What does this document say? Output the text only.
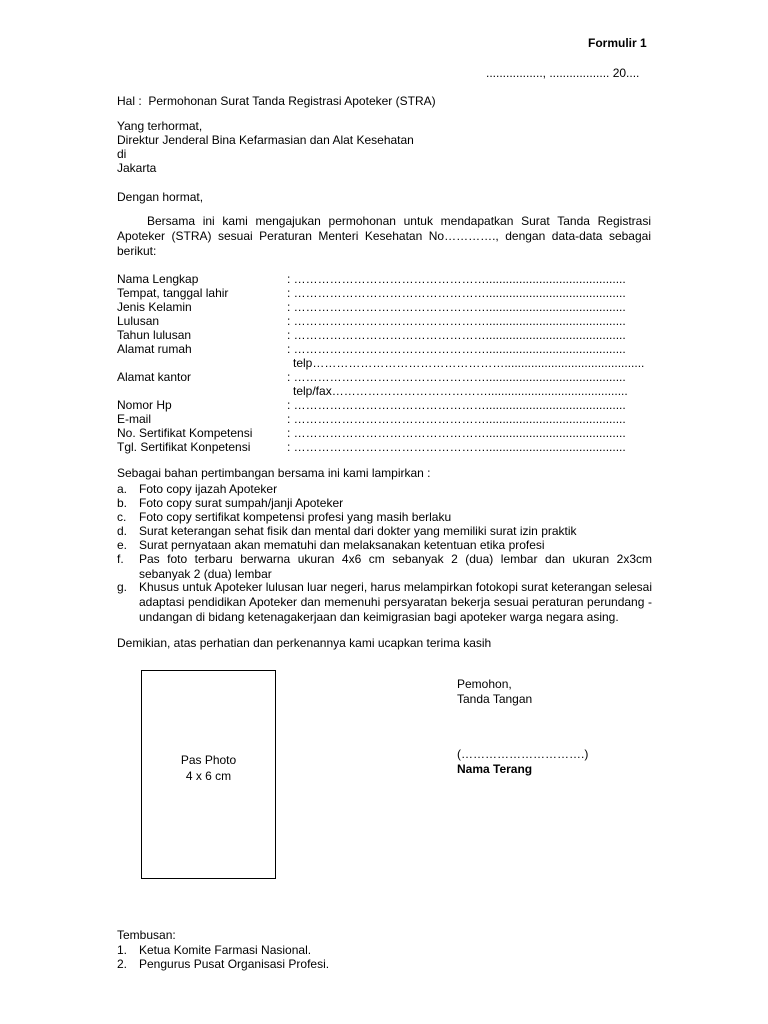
Formulir 1
................., .................. 20....
Hal : Permohonan Surat Tanda Registrasi Apoteker (STRA)
Yang terhormat,
Direktur Jenderal Bina Kefarmasian dan Alat Kesehatan
di
Jakarta
Dengan hormat,
Bersama ini kami mengajukan permohonan untuk mendapatkan Surat Tanda Registrasi Apoteker (STRA) sesuai Peraturan Menteri Kesehatan No…………., dengan data-data sebagai berikut:
Nama Lengkap	: …………………………………………..........................................
Tempat, tanggal lahir	: …………………………………………..........................................
Jenis Kelamin	: …………………………………………..........................................
Lulusan	: …………………………………………..........................................
Tahun lulusan	: …………………………………………..........................................
Alamat rumah	: …………………………………………..........................................
telp…………………………………………..........................................
Alamat kantor	: …………………………………………..........................................
telp/fax…………………………………..........................................
Nomor Hp	: …………………………………………..........................................
E-mail	: …………………………………………..........................................
No. Sertifikat Kompetensi	: …………………………………………..........................................
Tgl. Sertifikat Konpetensi	: …………………………………………..........................................
Sebagai bahan pertimbangan bersama ini kami lampirkan :
a. Foto copy ijazah Apoteker
b. Foto copy surat sumpah/janji Apoteker
c. Foto copy sertifikat kompetensi profesi yang masih berlaku
d. Surat keterangan sehat fisik dan mental dari dokter yang memiliki surat izin praktik
e. Surat pernyataan akan mematuhi dan melaksanakan ketentuan etika profesi
f. Pas foto terbaru berwarna ukuran 4x6 cm sebanyak 2 (dua) lembar dan ukuran 2x3cm sebanyak 2 (dua) lembar
g. Khusus untuk Apoteker lulusan luar negeri, harus melampirkan fotokopi surat keterangan selesai adaptasi pendidikan Apoteker dan memenuhi persyaratan bekerja sesuai peraturan perundang - undangan di bidang ketenagakerjaan dan keimigrasian bagi apoteker warga negara asing.
Demikian, atas perhatian dan perkenannya kami ucapkan terima kasih
Pas Photo
4 x 6 cm
Pemohon,
Tanda Tangan
(………………………….)
Nama Terang
Tembusan:
1. Ketua Komite Farmasi Nasional.
2. Pengurus Pusat Organisasi Profesi.
